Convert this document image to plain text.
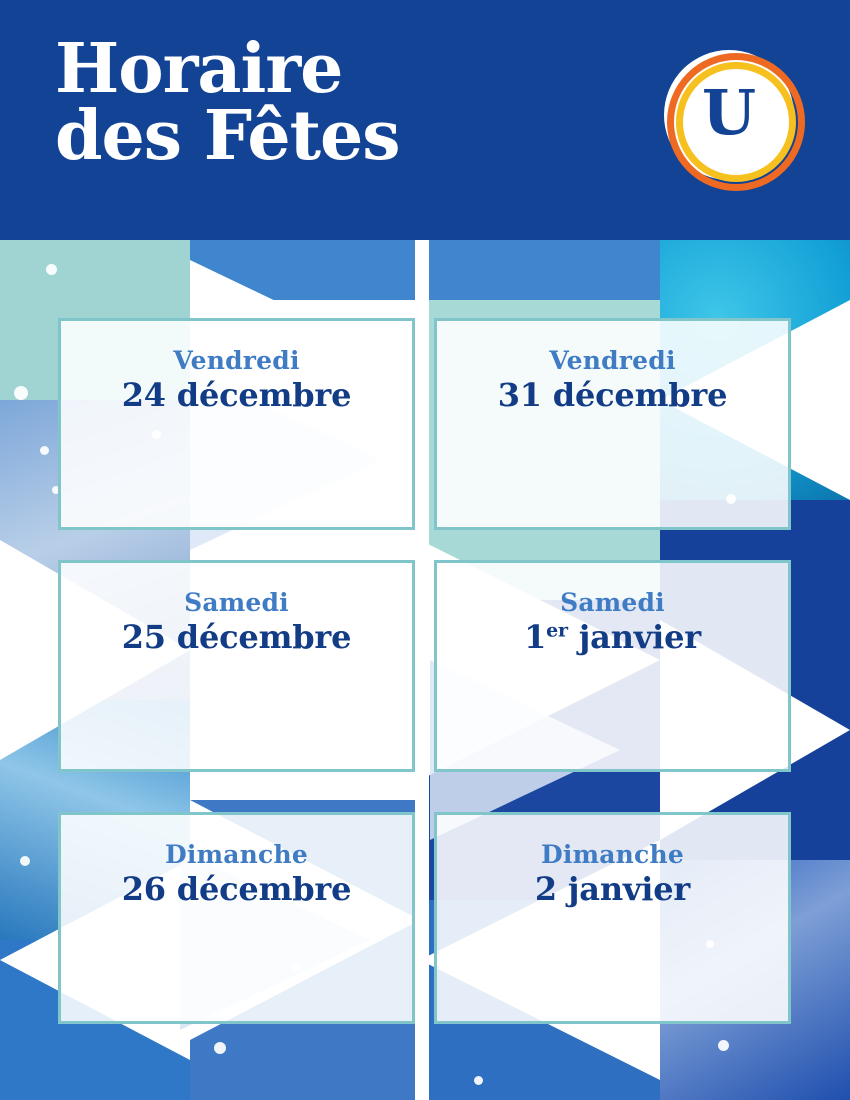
Vendredi
24 décembre
Vendredi
31 décembre
Samedi
25 décembre
Samedi
1er janvier
Dimanche
26 décembre
Dimanche
2 janvier
Horaire
des Fêtes	U
